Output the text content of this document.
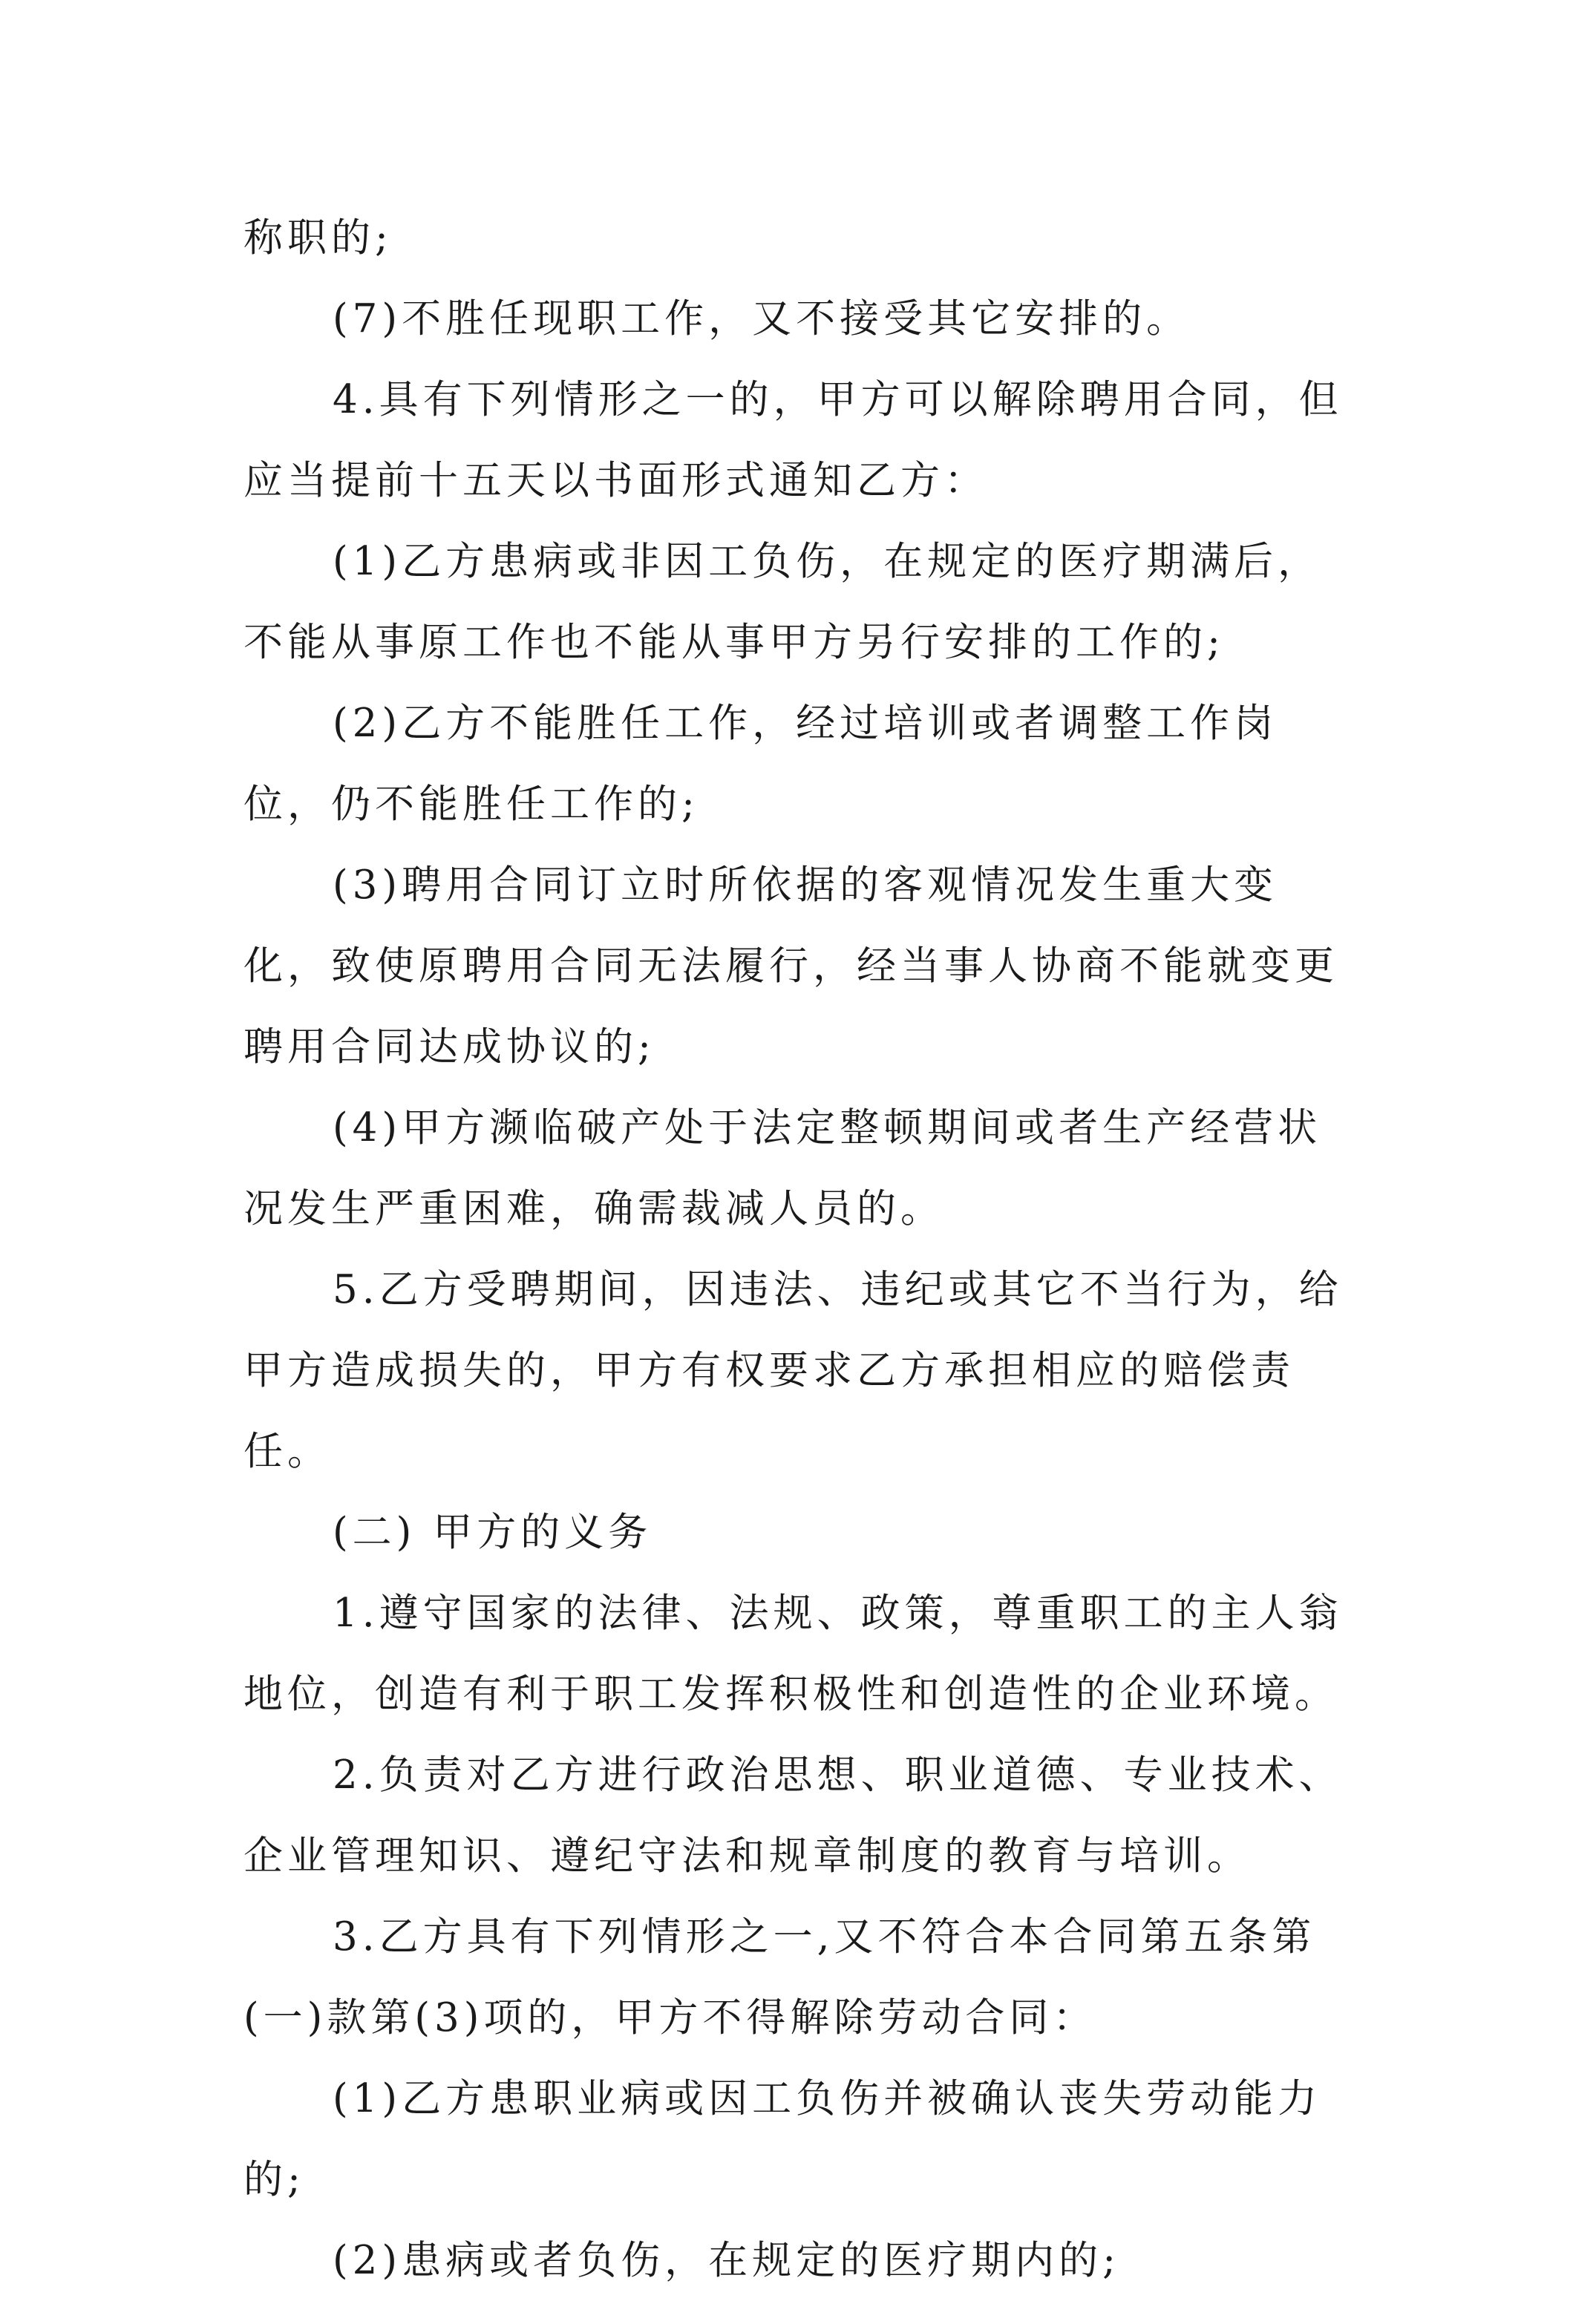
称职的;

(7)不胜任现职工作，又不接受其它安排的。

4.具有下列情形之一的，甲方可以解除聘用合同，但应当提前十五天以书面形式通知乙方：

(1)乙方患病或非因工负伤，在规定的医疗期满后，不能从事原工作也不能从事甲方另行安排的工作的;

(2)乙方不能胜任工作，经过培训或者调整工作岗位，仍不能胜任工作的;

(3)聘用合同订立时所依据的客观情况发生重大变化，致使原聘用合同无法履行，经当事人协商不能就变更聘用合同达成协议的;

(4)甲方濒临破产处于法定整顿期间或者生产经营状况发生严重困难，确需裁减人员的。

5.乙方受聘期间，因违法、违纪或其它不当行为，给甲方造成损失的，甲方有权要求乙方承担相应的赔偿责任。

(二) 甲方的义务

1.遵守国家的法律、法规、政策，尊重职工的主人翁地位，创造有利于职工发挥积极性和创造性的企业环境。

2.负责对乙方进行政治思想、职业道德、专业技术、企业管理知识、遵纪守法和规章制度的教育与培训。

3.乙方具有下列情形之一,又不符合本合同第五条第(一)款第(3)项的，甲方不得解除劳动合同：

(1)乙方患职业病或因工负伤并被确认丧失劳动能力的;

(2)患病或者负伤，在规定的医疗期内的;
